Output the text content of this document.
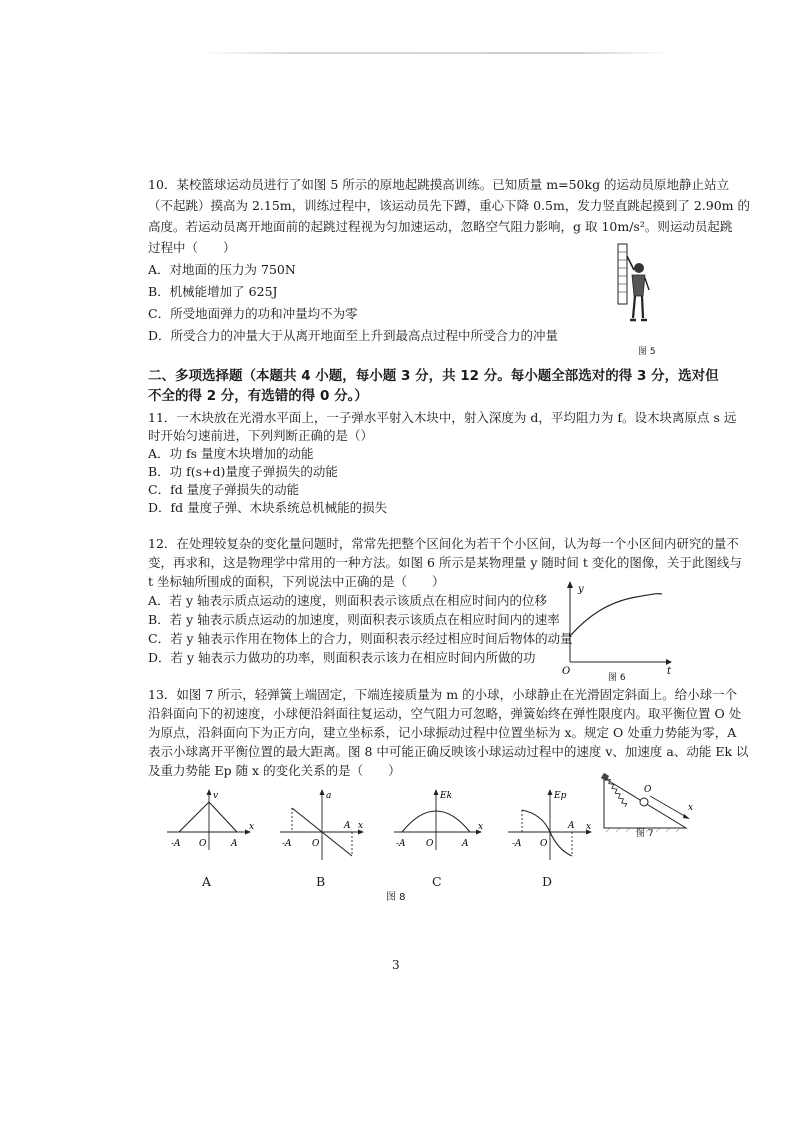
10．某校篮球运动员进行了如图 5 所示的原地起跳摸高训练。已知质量 m=50kg 的运动员原地静止站立
（不起跳）摸高为 2.15m，训练过程中，该运动员先下蹲，重心下降 0.5m，发力竖直跳起摸到了 2.90m 的
高度。若运动员离开地面前的起跳过程视为匀加速运动，忽略空气阻力影响，g 取 10m/s²。则运动员起跳
过程中（　　）
A．对地面的压力为 750N
B．机械能增加了 625J
C．所受地面弹力的功和冲量均不为零
D．所受合力的冲量大于从离开地面至上升到最高点过程中所受合力的冲量
图 5
二、多项选择题（本题共 4 小题，每小题 3 分，共 12 分。每小题全部选对的得 3 分，选对但
不全的得 2 分，有选错的得 0 分。）
11．一木块放在光滑水平面上，一子弹水平射入木块中，射入深度为 d，平均阻力为 f。设木块离原点 s 远
时开始匀速前进，下列判断正确的是（）
A．功 fs 量度木块增加的动能
B．功 f(s+d)量度子弹损失的动能
C．fd 量度子弹损失的动能
D．fd 量度子弹、木块系统总机械能的损失
12．在处理较复杂的变化量问题时，常常先把整个区间化为若干个小区间，认为每一个小区间内研究的量不
变，再求和，这是物理学中常用的一种方法。如图 6 所示是某物理量 y 随时间 t 变化的图像，关于此图线与
t 坐标轴所围成的面积，下列说法中正确的是（　　）
A．若 y 轴表示质点运动的速度，则面积表示该质点在相应时间内的位移
B．若 y 轴表示质点运动的加速度，则面积表示该质点在相应时间内的速率
C．若 y 轴表示作用在物体上的合力，则面积表示经过相应时间后物体的动量
D．若 y 轴表示力做功的功率，则面积表示该力在相应时间内所做的功
y
t
O
图 6
13．如图 7 所示，轻弹簧上端固定，下端连接质量为 m 的小球，小球静止在光滑固定斜面上。给小球一个
沿斜面向下的初速度，小球便沿斜面往复运动，空气阻力可忽略，弹簧始终在弹性限度内。取平衡位置 O 处
为原点，沿斜面向下为正方向，建立坐标系，记小球振动过程中位置坐标为 x。规定 O 处重力势能为零，A
表示小球离开平衡位置的最大距离。图 8 中可能正确反映该小球运动过程中的速度 v、加速度 a、动能 Ek 以
及重力势能 Ep 随 x 的变化关系的是（　　）
v
-A O	A
x
A
a
-A O
A x
B
Ek
-A O	A
x
C
Ep
-A O
A x
D
图 8
O
x
图 7
3
